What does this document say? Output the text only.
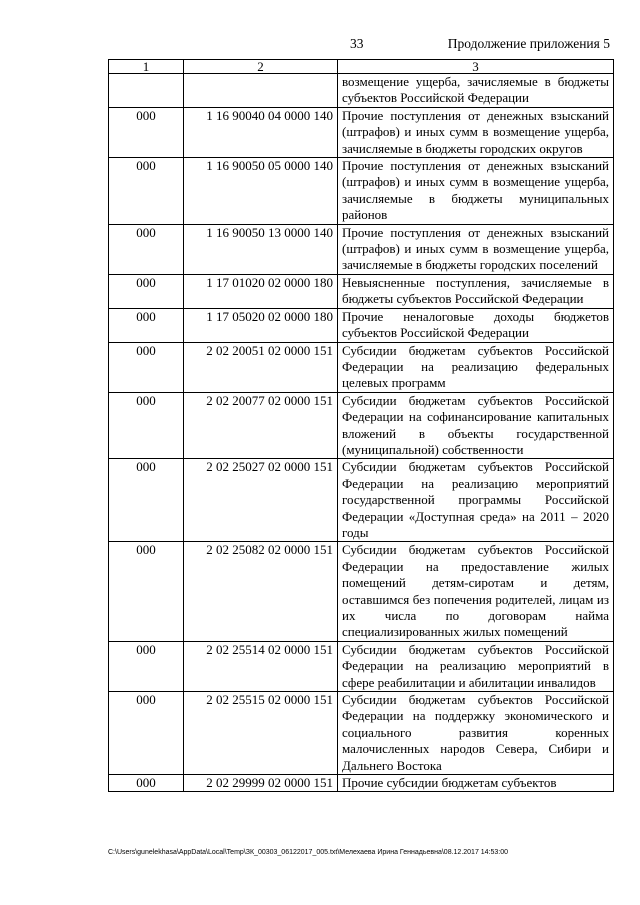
33	Продолжение приложения 5
1	2	3
		возмещение ущерба, зачисляемые в бюджеты субъектов Российской Федерации
000	1 16 90040 04 0000 140	Прочие поступления от денежных взысканий (штрафов) и иных сумм в возмещение ущерба, зачисляемые в бюджеты городских округов
000	1 16 90050 05 0000 140	Прочие поступления от денежных взысканий (штрафов) и иных сумм в возмещение ущерба, зачисляемые в бюджеты муниципальных районов
000	1 16 90050 13 0000 140	Прочие поступления от денежных взысканий (штрафов) и иных сумм в возмещение ущерба, зачисляемые в бюджеты городских поселений
000	1 17 01020 02 0000 180	Невыясненные поступления, зачисляемые в бюджеты субъектов Российской Федерации
000	1 17 05020 02 0000 180	Прочие неналоговые доходы бюджетов субъектов Российской Федерации
000	2 02 20051 02 0000 151	Субсидии бюджетам субъектов Российской Федерации на реализацию федеральных целевых программ
000	2 02 20077 02 0000 151	Субсидии бюджетам субъектов Российской Федерации на софинансирование капитальных вложений в объекты государственной (муниципальной) собственности
000	2 02 25027 02 0000 151	Субсидии бюджетам субъектов Российской Федерации на реализацию мероприятий государственной программы Российской Федерации «Доступная среда» на 2011 – 2020 годы
000	2 02 25082 02 0000 151	Субсидии бюджетам субъектов Российской Федерации на предоставление жилых помещений детям-сиротам и детям, оставшимся без попечения родителей, лицам из их числа по договорам найма специализированных жилых помещений
000	2 02 25514 02 0000 151	Субсидии бюджетам субъектов Российской Федерации на реализацию мероприятий в сфере реабилитации и абилитации инвалидов
000	2 02 25515 02 0000 151	Субсидии бюджетам субъектов Российской Федерации на поддержку экономического и социального развития коренных малочисленных народов Севера, Сибири и Дальнего Востока
000	2 02 29999 02 0000 151	Прочие субсидии бюджетам субъектов
C:\Users\gunelekhasa\AppData\Local\Temp\ЗК_00303_06122017_005.txt\Мелехаева Ирина Геннадьевна\08.12.2017 14:53:00
